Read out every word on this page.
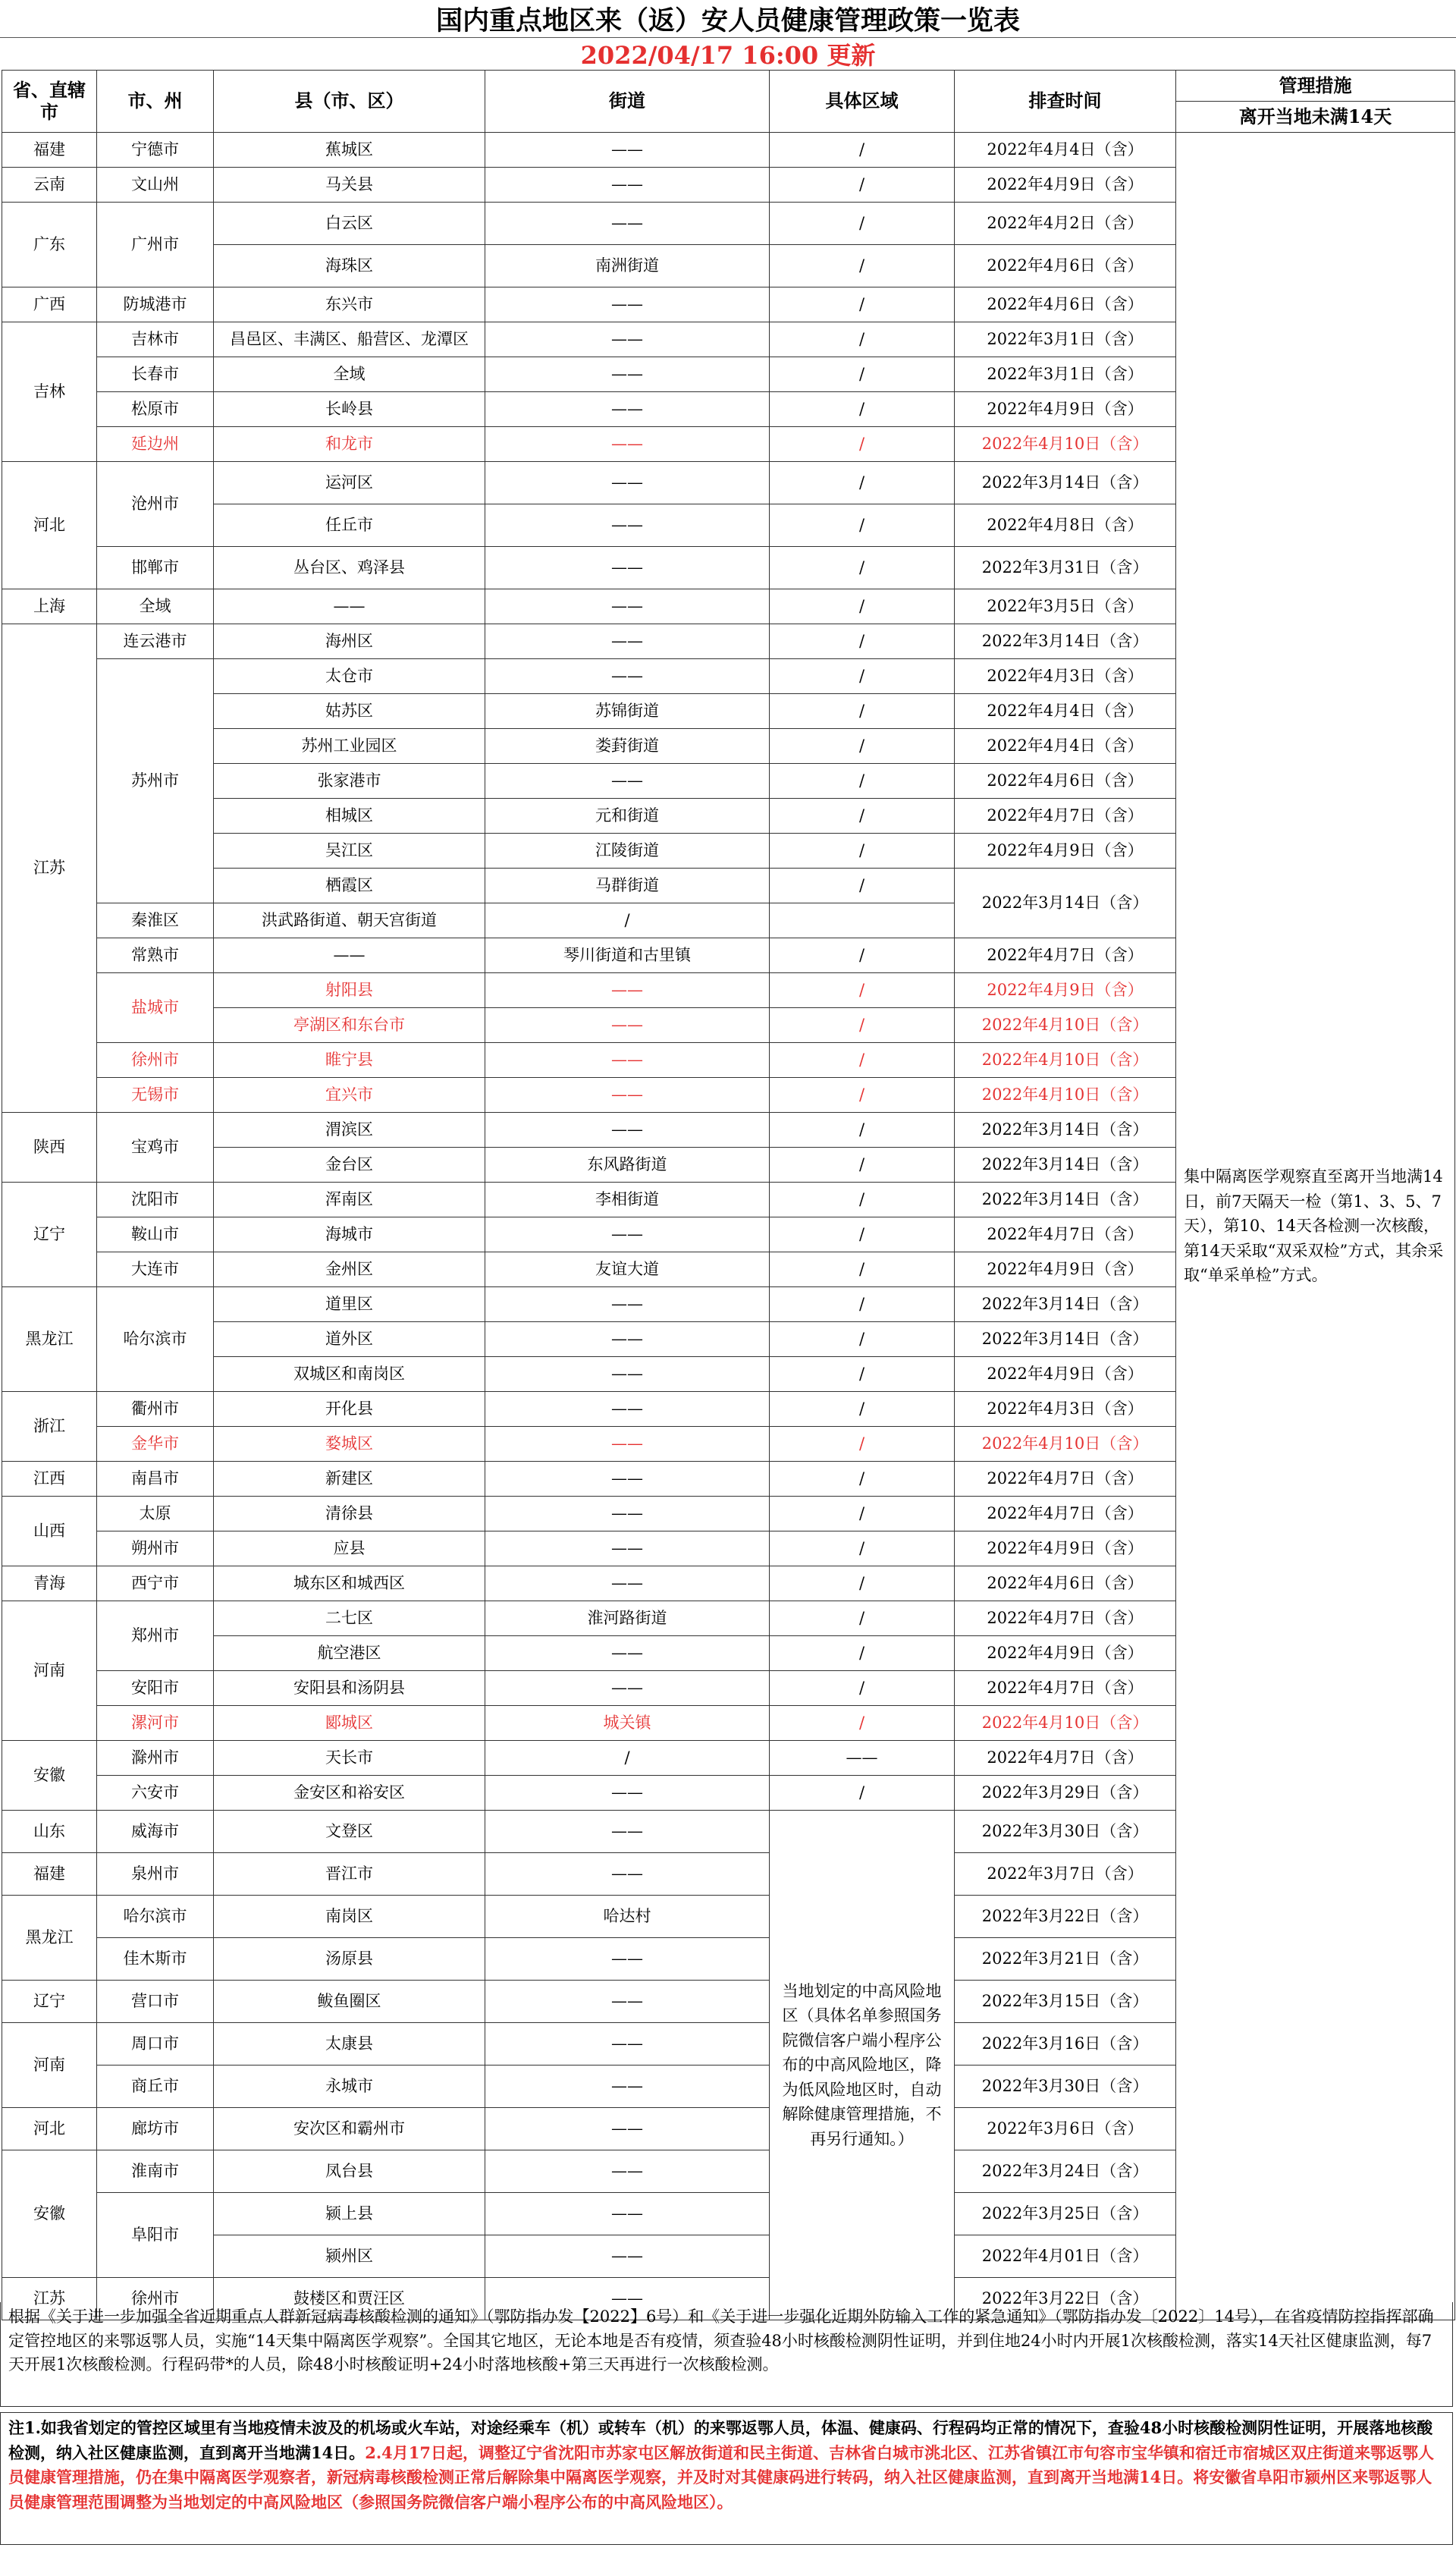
国内重点地区来（返）安人员健康管理政策一览表
2022/04/17 16:00 更新
省、直辖市	市、州	县（市、区）	街道	具体区域	排查时间	管理措施
						离开当地未满14天
福建	宁德市	蕉城区	——	/	2022年4月4日（含）	集中隔离医学观察直至离开当地满14日，前7天隔天一检（第1、3、5、7天），第10、14天各检测一次核酸，第14天采取“双采双检”方式，其余采取“单采单检”方式。
云南	文山州	马关县	——	/	2022年4月9日（含）	
广东	广州市	白云区	——	/	2022年4月2日（含）	
		海珠区	南洲街道	/	2022年4月6日（含）	
广西	防城港市	东兴市	——	/	2022年4月6日（含）	
吉林	吉林市	昌邑区、丰满区、船营区、龙潭区	——	/	2022年3月1日（含）	
	长春市	全域	——	/	2022年3月1日（含）	
	松原市	长岭县	——	/	2022年4月9日（含）	
	延边州	和龙市	——	/	2022年4月10日（含）	
河北	沧州市	运河区	——	/	2022年3月14日（含）	
		任丘市	——	/	2022年4月8日（含）	
	邯郸市	丛台区、鸡泽县	——	/	2022年3月31日（含）	
上海	全域	——	——	/	2022年3月5日（含）	
江苏	连云港市	海州区	——	/	2022年3月14日（含）	
	苏州市	太仓市	——	/	2022年4月3日（含）	
		姑苏区	苏锦街道	/	2022年4月4日（含）	
		苏州工业园区	娄葑街道	/	2022年4月4日（含）	
		张家港市	——	/	2022年4月6日（含）	
		相城区	元和街道	/	2022年4月7日（含）	
		吴江区	江陵街道	/	2022年4月9日（含）	
		栖霞区	马群街道	/	2022年3月14日（含）	
	秦淮区	洪武路街道、朝天宫街道	/			
	常熟市	——	琴川街道和古里镇	/	2022年4月7日（含）	
	盐城市	射阳县	——	/	2022年4月9日（含）	
		亭湖区和东台市	——	/	2022年4月10日（含）	
	徐州市	睢宁县	——	/	2022年4月10日（含）	
	无锡市	宜兴市	——	/	2022年4月10日（含）	
陕西	宝鸡市	渭滨区	——	/	2022年3月14日（含）	
		金台区	东风路街道	/	2022年3月14日（含）	
辽宁	沈阳市	浑南区	李相街道	/	2022年3月14日（含）	
	鞍山市	海城市	——	/	2022年4月7日（含）	
	大连市	金州区	友谊大道	/	2022年4月9日（含）	
黑龙江	哈尔滨市	道里区	——	/	2022年3月14日（含）	
		道外区	——	/	2022年3月14日（含）	
		双城区和南岗区	——	/	2022年4月9日（含）	
浙江	衢州市	开化县	——	/	2022年4月3日（含）	
	金华市	婺城区	——	/	2022年4月10日（含）	
江西	南昌市	新建区	——	/	2022年4月7日（含）	
山西	太原	清徐县	——	/	2022年4月7日（含）	
	朔州市	应县	——	/	2022年4月9日（含）	
青海	西宁市	城东区和城西区	——	/	2022年4月6日（含）	
河南	郑州市	二七区	淮河路街道	/	2022年4月7日（含）	
		航空港区	——	/	2022年4月9日（含）	
	安阳市	安阳县和汤阴县	——	/	2022年4月7日（含）	
	漯河市	郾城区	城关镇	/	2022年4月10日（含）	
安徽	滁州市	天长市	/	——	2022年4月7日（含）	
	六安市	金安区和裕安区	——	/	2022年3月29日（含）	
山东	威海市	文登区	——	当地划定的中高风险地区（具体名单参照国务院微信客户端小程序公布的中高风险地区，降为低风险地区时，自动解除健康管理措施，不再另行通知。）	2022年3月30日（含）	
福建	泉州市	晋江市	——		2022年3月7日（含）	
黑龙江	哈尔滨市	南岗区	哈达村		2022年3月22日（含）	
	佳木斯市	汤原县	——		2022年3月21日（含）	
辽宁	营口市	鲅鱼圈区	——		2022年3月15日（含）	
河南	周口市	太康县	——		2022年3月16日（含）	
	商丘市	永城市	——		2022年3月30日（含）	
河北	廊坊市	安次区和霸州市	——		2022年3月6日（含）	
安徽	淮南市	凤台县	——		2022年3月24日（含）	
	阜阳市	颍上县	——		2022年3月25日（含）	
		颍州区	——		2022年4月01日（含）	
江苏	徐州市	鼓楼区和贾汪区	——		2022年3月22日（含）	
根据《关于进一步加强全省近期重点人群新冠病毒核酸检测的通知》（鄂防指办发【2022】6号）和《关于进一步强化近期外防输入工作的紧急通知》（鄂防指办发〔2022〕14号），在省疫情防控指挥部确定管控地区的来鄂返鄂人员，实施“14天集中隔离医学观察”。全国其它地区，无论本地是否有疫情，须查验48小时核酸检测阴性证明，并到住地24小时内开展1次核酸检测，落实14天社区健康监测，每7天开展1次核酸检测。行程码带*的人员，除48小时核酸证明+24小时落地核酸+第三天再进行一次核酸检测。
注1.如我省划定的管控区域里有当地疫情未波及的机场或火车站，对途经乘车（机）或转车（机）的来鄂返鄂人员，体温、健康码、行程码均正常的情况下，查验48小时核酸检测阴性证明，开展落地核酸检测，纳入社区健康监测，直到离开当地满14日。2.4月17日起，调整辽宁省沈阳市苏家屯区解放街道和民主街道、吉林省白城市洮北区、江苏省镇江市句容市宝华镇和宿迁市宿城区双庄街道来鄂返鄂人员健康管理措施，仍在集中隔离医学观察者，新冠病毒核酸检测正常后解除集中隔离医学观察，并及时对其健康码进行转码，纳入社区健康监测，直到离开当地满14日。将安徽省阜阳市颍州区来鄂返鄂人员健康管理范围调整为当地划定的中高风险地区（参照国务院微信客户端小程序公布的中高风险地区）。
